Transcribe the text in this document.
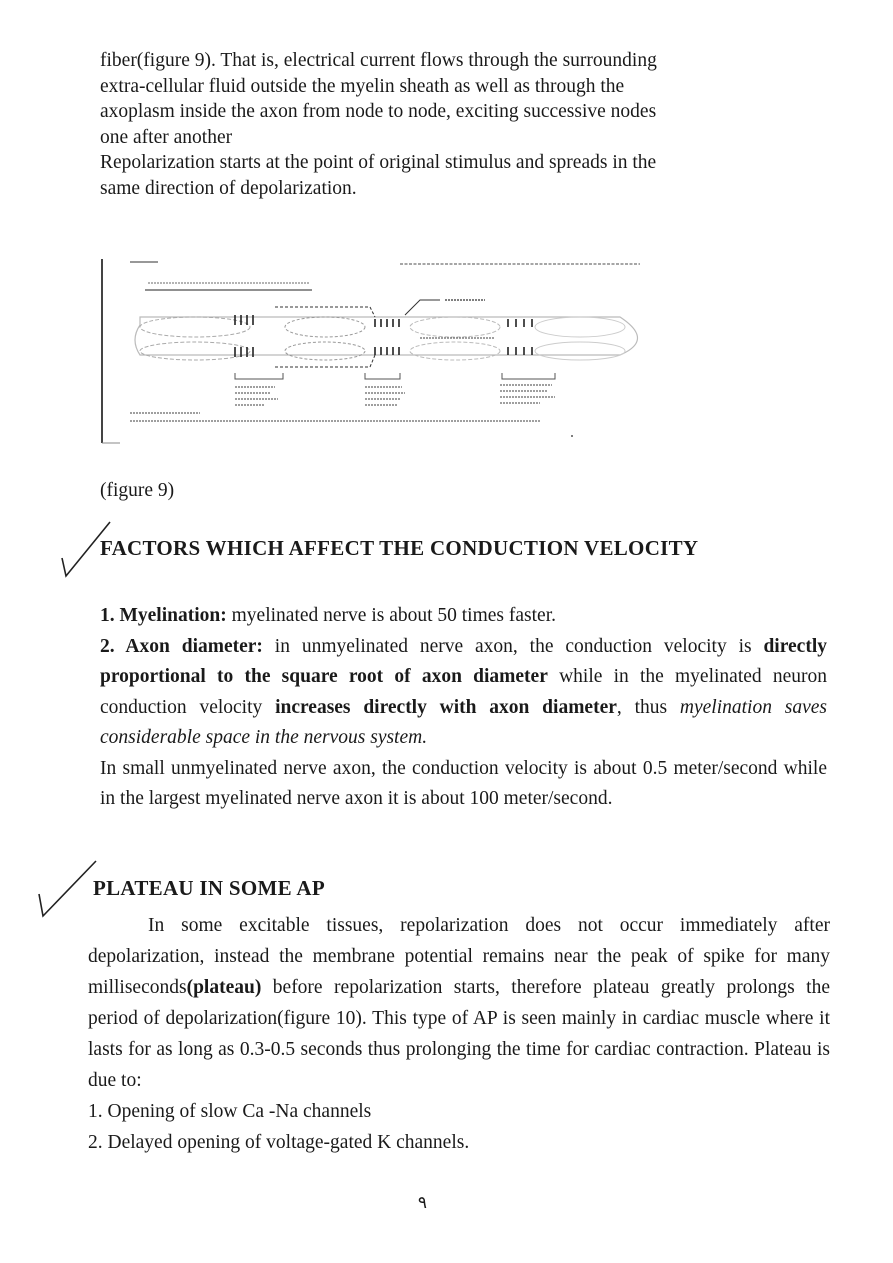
fiber(figure 9). That is, electrical current flows through the surrounding
extra-cellular fluid outside the myelin sheath as well as through the
axoplasm inside the axon from node to node, exciting successive nodes
one after another
Repolarization starts at the point of original stimulus and spreads in the
same direction of depolarization.
(figure 9)
FACTORS WHICH AFFECT THE CONDUCTION VELOCITY

1. Myelination: myelinated nerve is about 50 times faster.

2. Axon diameter: in unmyelinated nerve axon, the conduction velocity is directly proportional to the square root of axon diameter while in the myelinated neuron conduction velocity increases directly with axon diameter, thus myelination saves considerable space in the nervous system.

In small unmyelinated nerve axon, the conduction velocity is about 0.5 meter/second while in the largest myelinated nerve axon it is about 100 meter/second.

PLATEAU IN SOME AP

In some excitable tissues, repolarization does not occur immediately after depolarization, instead the membrane potential remains near the peak of spike for many milliseconds(plateau) before repolarization starts, therefore plateau greatly prolongs the period of depolarization(figure 10). This type of AP is seen mainly in cardiac muscle where it lasts for as long as 0.3-0.5 seconds thus prolonging the time for cardiac contraction. Plateau is due to:

1. Opening of slow Ca -Na channels

2. Delayed opening of voltage-gated K channels.

٩
